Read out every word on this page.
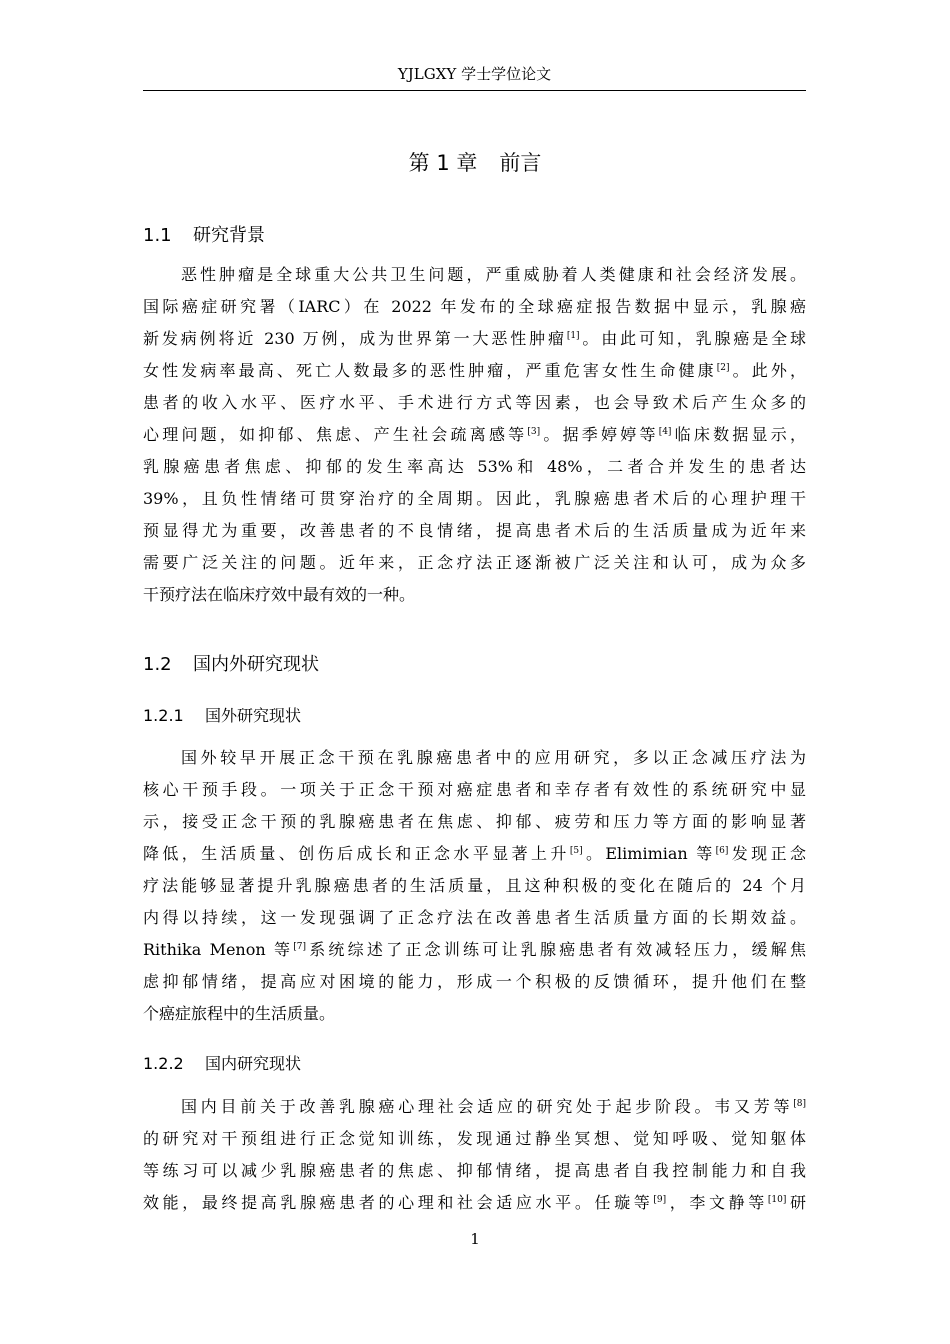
YJLGXY 学士学位论文
第 1 章 前言
1.1 研究背景
恶性肿瘤是全球重大公共卫生问题，严重威胁着人类健康和社会经济发展。
国际癌症研究署（IARC）在 2022 年发布的全球癌症报告数据中显示，乳腺癌
新发病例将近 230 万例，成为世界第一大恶性肿瘤[1]。由此可知，乳腺癌是全球
女性发病率最高、死亡人数最多的恶性肿瘤，严重危害女性生命健康[2]。此外，
患者的收入水平、医疗水平、手术进行方式等因素，也会导致术后产生众多的
心理问题，如抑郁、焦虑、产生社会疏离感等[3]。据季婷婷等[4]临床数据显示，
乳腺癌患者焦虑、抑郁的发生率高达 53%和 48%，二者合并发生的患者达
39%，且负性情绪可贯穿治疗的全周期。因此，乳腺癌患者术后的心理护理干
预显得尤为重要，改善患者的不良情绪，提高患者术后的生活质量成为近年来
需要广泛关注的问题。近年来，正念疗法正逐渐被广泛关注和认可，成为众多
干预疗法在临床疗效中最有效的一种。
1.2 国内外研究现状
1.2.1 国外研究现状
国外较早开展正念干预在乳腺癌患者中的应用研究，多以正念减压疗法为
核心干预手段。一项关于正念干预对癌症患者和幸存者有效性的系统研究中显
示，接受正念干预的乳腺癌患者在焦虑、抑郁、疲劳和压力等方面的影响显著
降低，生活质量、创伤后成长和正念水平显著上升[5]。Elimimian 等[6]发现正念
疗法能够显著提升乳腺癌患者的生活质量，且这种积极的变化在随后的 24 个月
内得以持续，这一发现强调了正念疗法在改善患者生活质量方面的长期效益。
Rithika Menon 等[7]系统综述了正念训练可让乳腺癌患者有效减轻压力，缓解焦
虑抑郁情绪，提高应对困境的能力，形成一个积极的反馈循环，提升他们在整
个癌症旅程中的生活质量。
1.2.2 国内研究现状
国内目前关于改善乳腺癌心理社会适应的研究处于起步阶段。韦又芳等[8]
的研究对干预组进行正念觉知训练，发现通过静坐冥想、觉知呼吸、觉知躯体
等练习可以减少乳腺癌患者的焦虑、抑郁情绪，提高患者自我控制能力和自我
效能，最终提高乳腺癌患者的心理和社会适应水平。任璇等[9]，李文静等[10]研
1
